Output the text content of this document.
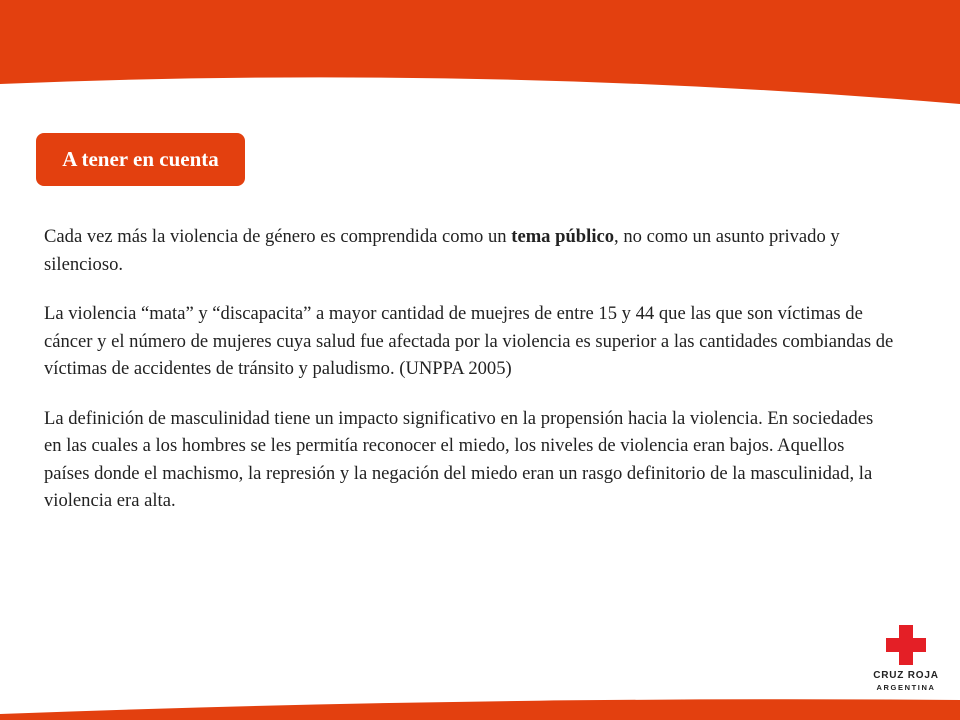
A tener en cuenta

Cada vez más la violencia de género es comprendida como un tema público, no como un asunto privado y silencioso.

La violencia “mata” y “discapacita” a mayor cantidad de muejres de entre 15 y 44 que las que son víctimas de cáncer y el número de mujeres cuya salud fue afectada por la violencia es superior a las cantidades combiandas de víctimas de accidentes de tránsito y paludismo. (UNPPA 2005)

La definición de masculinidad tiene un impacto significativo en la propensión hacia la violencia. En sociedades en las cuales a los hombres se les permitía reconocer el miedo, los niveles de violencia eran bajos. Aquellos países donde el machismo, la represión y la negación del miedo eran un rasgo definitorio de la masculinidad, la violencia era alta.

CRUZ ROJA
ARGENTINA
